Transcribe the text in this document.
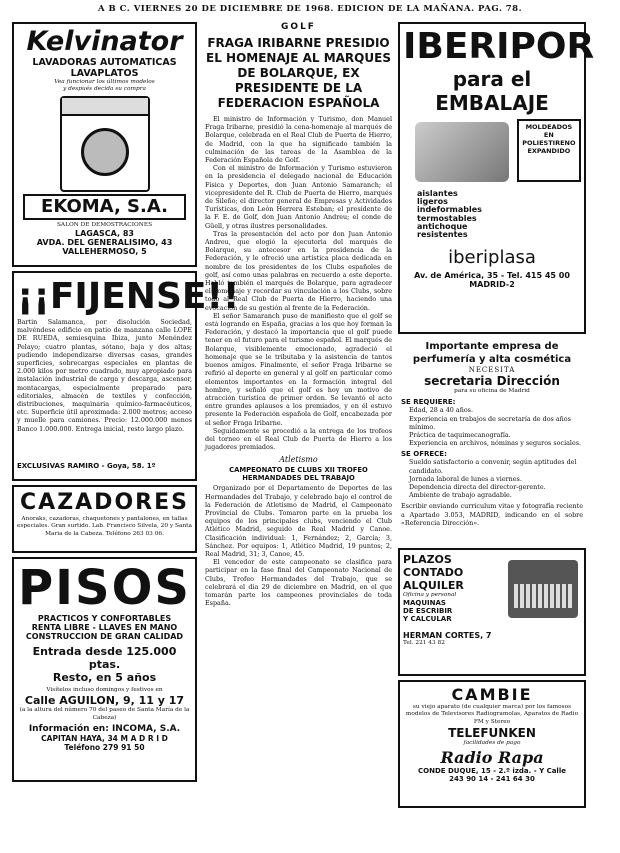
A B C. VIERNES 20 DE DICIEMBRE DE 1968. EDICION DE LA MAÑANA. PAG. 78.
Kelvinator
LAVADORAS AUTOMATICAS
LAVAPLATOS
Vea funcionar los últimos modelos
y después decida su compra
EKOMA, S.A.
SALON DE DEMOSTRACIONES
LAGASCA, 83
AVDA. DEL GENERALISIMO, 43
VALLEHERMOSO, 5
¡¡FIJENSE!!
Bartin Salamanca, por disolución Sociedad, malvéndese edificio en patio de manzana calle LOPE DE RUEDA, semiesquina Ibiza, junto Menéndez Pelayo; cuatro plantas, sótano, baja y dos altas; pudiendo independizarse diversas casas, grandes superficies, sobrecargas especiales en plantas de 2.000 kilos por metro cuadrado, muy apropiado para instalación industrial de carga y descarga, ascensor, montacargas, especialmente preparado para editoriales, almacén de textiles y confección, distribuciones, maquinaria químico-farmacéuticos, etc. Superficie útil aproximada: 2.000 metros; acceso y muelle para camiones. Precio: 12.000.000 menos Banco 1.000.000. Entrega inicial, resto largo plazo.
EXCLUSIVAS RAMIRO - Goya, 58. 1º
CAZADORES
Anoraks, cazadoras, chaquetones y pantalones, en tallas especiales. Gran surtido. Lab. Francisco Silvela, 20 y Santa Maria de la Cabeza. Teléfono 263 03 06.
PISOS
PRACTICOS Y CONFORTABLES
RENTA LIBRE - LLAVES EN MANO
CONSTRUCCION DE GRAN CALIDAD
Entrada desde 125.000 ptas.
Resto, en 5 años
Visítelos incluso domingos y festivos en
Calle AGUILON, 9, 11 y 17
(a la altura del número 70 del paseo de Santa María de la Cabeza)
Información en: INCOMA, S.A.
CAPITAN HAYA, 34 M A D R I D
Teléfono 279 91 50
GOLF
FRAGA IRIBARNE PRESIDIO EL HOMENAJE AL MARQUES DE BOLARQUE, EX PRESIDENTE DE LA FEDERACION ESPAÑOLA
El ministro de Información y Turismo, don Manuel Fraga Iribarne, presidió la cena-homenaje al marqués de Bolarque, celebrada en el Real Club de Puerta de Hierro, de Madrid, con la que ha significado también la culminación de las tareas de la Asamblea de la Federación Española de Golf.
Con el ministro de Información y Turismo estuvieron en la presidencia el delegado nacional de Educación Física y Deportes, don Juan Antonio Samaranch; el vicepresidente del R. Club de Puerta de Hierro, marqués de Sileño; el director general de Empresas y Actividades Turísticas, don León Herrera Esteban; el presidente de la F. E. de Golf, don Juan Antonio Andreu; el conde de Güell, y otras ilustres personalidades.
Tras la presentación del acto por don Juan Antonio Andreu, que elogió la ejecutoria del marqués de Bolarque, su antecesor en la presidencia de la Federación, y le ofreció una artística placa dedicada en nombre de los presidentes de los Clubs españoles de golf, así como unas palabras en recuerdo a este deporte. Habló también el marqués de Bolarque, para agradecer el homenaje y recordar su vinculación a los Clubs, sobre todo al Real Club de Puerta de Hierro, haciendo una evocación de su gestión al frente de la Federación.
El señor Samaranch puso de manifiesto que el golf se está logrando en España, gracias a los que hoy forman la Federación, y destacó la importancia que el golf puede tener en el futuro para el turismo español. El marqués de Bolarque, visiblemente emocionado, agradeció el homenaje que se le tributaba y la asistencia de tantos buenos amigos. Finalmente, el señor Fraga Iribarne se refirió al deporte en general y al golf en particular como elementos importantes en la formación integral del hombre, y señaló que el golf es hoy un motivo de atracción turística de primer orden. Se levantó el acto entre grandes aplausos a los premiados, y en él estuvo presente la Federación española de Golf, encabezada por el señor Fraga Iribarne.
Seguidamente se procedió a la entrega de los trofeos del torneo en el Real Club de Puerta de Hierro a los jugadores premiados.
Atletismo
CAMPEONATO DE CLUBS XII TROFEO HERMANDADES DEL TRABAJO
Organizado por el Departamento de Deportes de las Hermandades del Trabajo, y celebrado bajo el control de la Federación de Atletismo de Madrid, el Campeonato Provincial de Clubs. Tomaron parte en la prueba los equipos de los principales clubs, venciendo el Club Atlético Madrid, seguido de Real Madrid y Canoe. Clasificación individual: 1, Fernández; 2, García; 3, Sánchez. Por equipos: 1, Atlético Madrid, 19 puntos; 2, Real Madrid, 31; 3, Canoe, 45.
El vencedor de este campeonato se clasifica para participar en la fase final del Campeonato Nacional de Clubs, Trofeo Hermandades del Trabajo, que se celebrará el día 29 de diciembre en Madrid, en el que tomarán parte los campeones provinciales de toda España.
IBERIPOR
para el EMBALAJE
MOLDEADOS
EN
POLIESTIRENO
EXPANDIDO
aislantes
ligeros
indeformables
termostables
antichoque
resistentes
iberiplasa
Av. de América, 35 - Tel. 415 45 00
MADRID-2
Importante empresa de perfumería y alta cosmética
NECESITA
secretaria Dirección
para su oficina de Madrid
SE REQUIERE:
Edad, 28 a 40 años.
Experiencia en trabajos de secretaría de dos años mínimo.
Práctica de taquimecanografía.
Experiencia en archivos, nóminas y seguros sociales.
SE OFRECE:
Sueldo satisfactorio a convenir, según aptitudes del candidato.
Jornada laboral de lunes a viernes.
Dependencia directa del director-gerente.
Ambiente de trabajo agradable.
Escribir enviando curriculum vitae y fotografía reciente a Apartado 3.053, MADRID, indicando en el sobre «Referencia Dirección».
PLAZOS
CONTADO
ALQUILER
Oficina y personal
MAQUINAS
DE ESCRIBIR
Y CALCULAR
HERMAN CORTES, 7
Tel. 221 43 82
CAMBIE
su viejo aparato (de cualquier marca) por los famosos modelos de Televisores Radiogramolas, Aparatos de Radio FM y Stereo
TELEFUNKEN
facilidades de pago
Radio Rapa
CONDE DUQUE, 15 - 2.º izda. - Y Calle
243 90 14 - 241 64 30
